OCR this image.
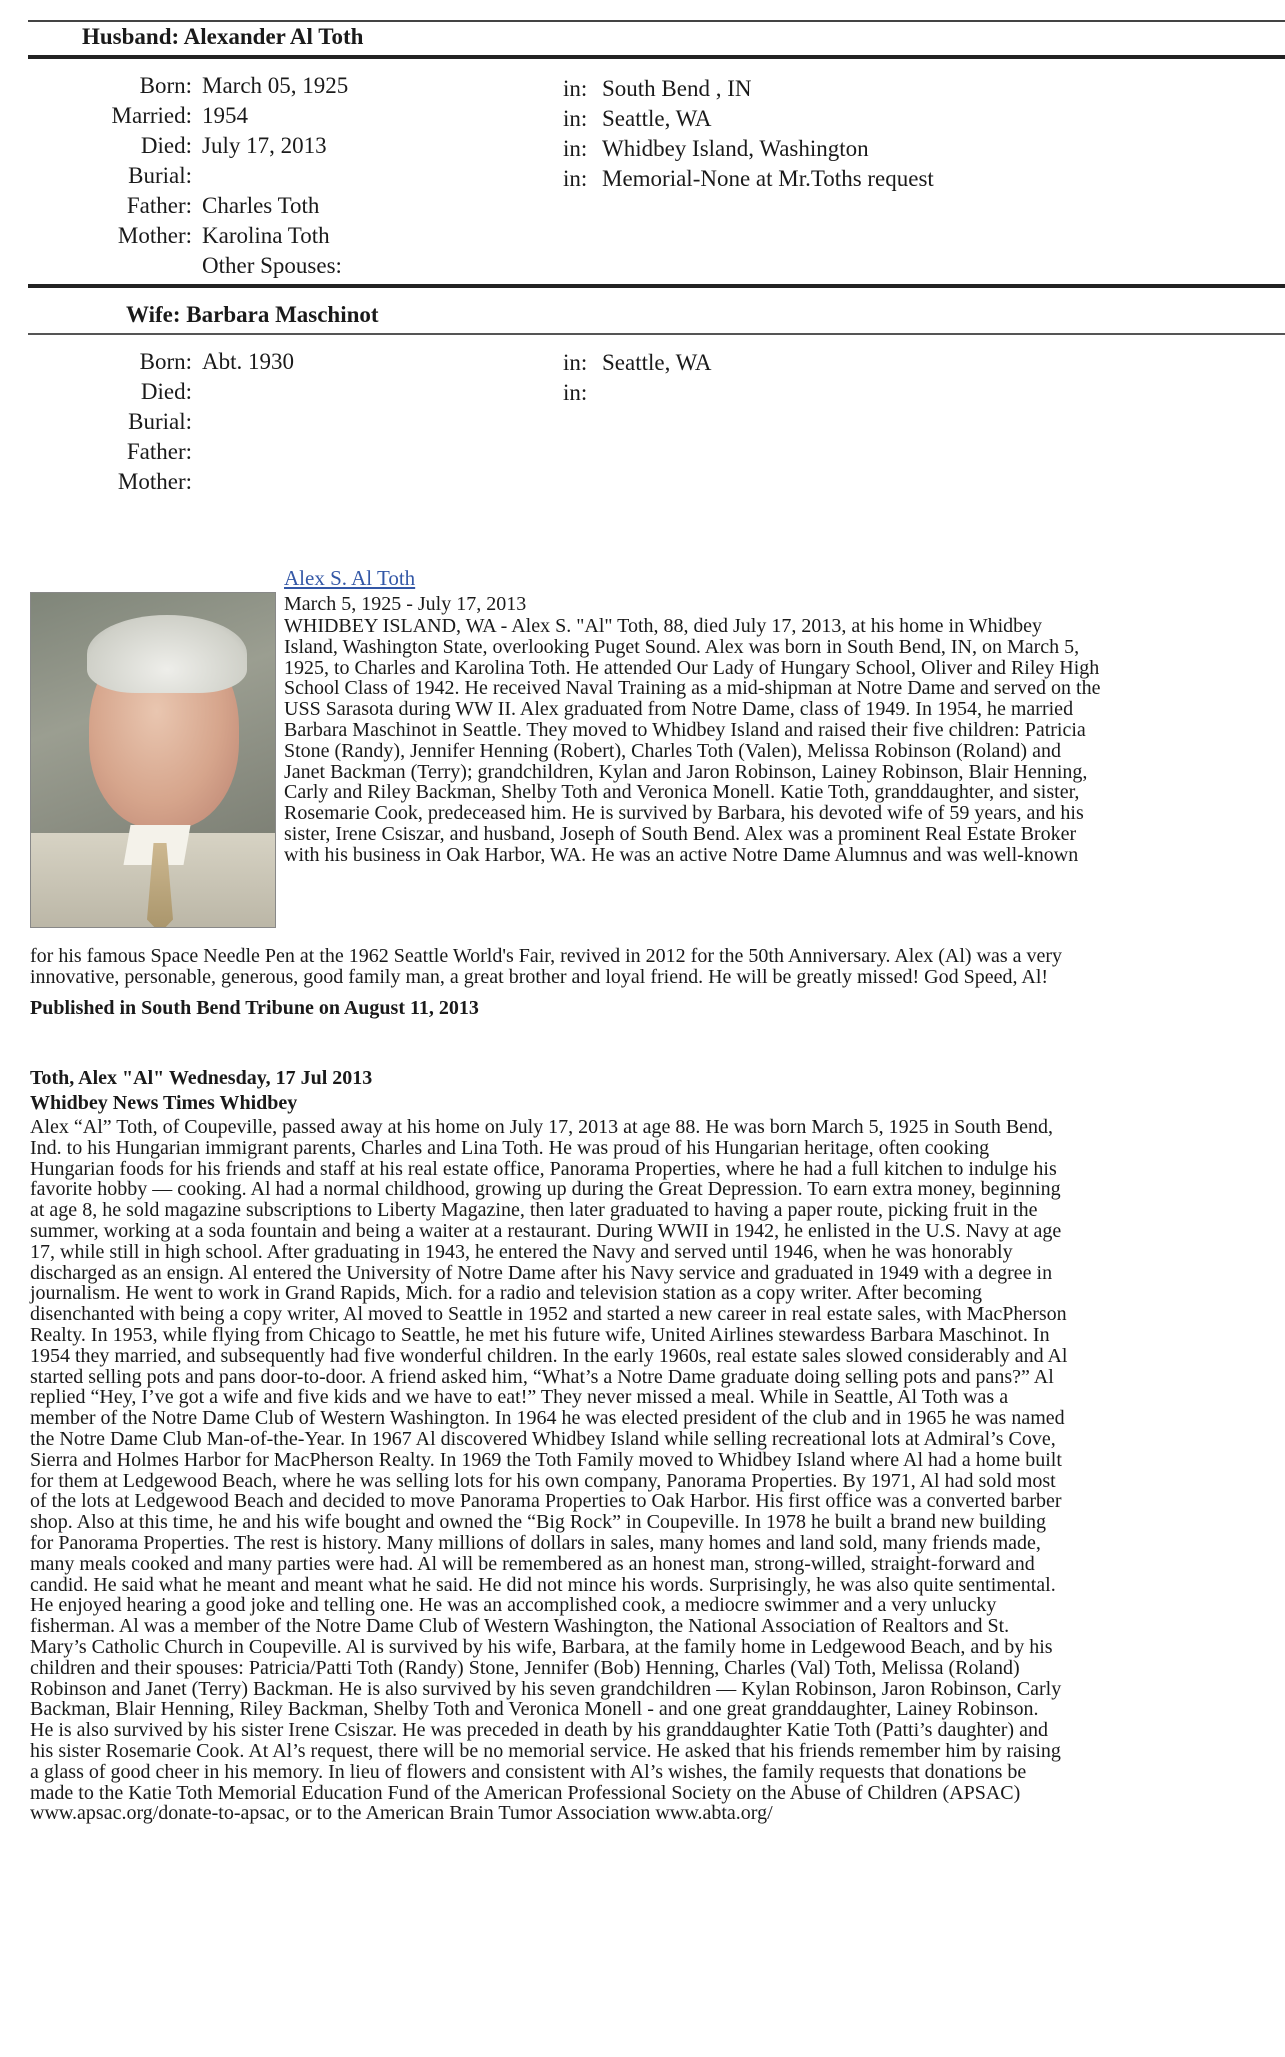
Husband: Alexander Al Toth
Born: March 05, 1925	in: South Bend , IN
Married: 1954	in: Seattle, WA
Died: July 17, 2013	in: Whidbey Island, Washington
Burial:	in: Memorial-None at Mr.Toths request
Father: Charles Toth
Mother: Karolina Toth
Other Spouses:
Wife: Barbara Maschinot
Born: Abt. 1930	in: Seattle, WA
Died:	in:
Burial:
Father:
Mother:
Alex S. Al Toth
March 5, 1925 - July 17, 2013
WHIDBEY ISLAND, WA - Alex S. "Al" Toth, 88, died July 17, 2013, at his home in Whidbey
Island, Washington State, overlooking Puget Sound. Alex was born in South Bend, IN, on March 5,
1925, to Charles and Karolina Toth. He attended Our Lady of Hungary School, Oliver and Riley High
School Class of 1942. He received Naval Training as a mid-shipman at Notre Dame and served on the
USS Sarasota during WW II. Alex graduated from Notre Dame, class of 1949. In 1954, he married
Barbara Maschinot in Seattle. They moved to Whidbey Island and raised their five children: Patricia
Stone (Randy), Jennifer Henning (Robert), Charles Toth (Valen), Melissa Robinson (Roland) and
Janet Backman (Terry); grandchildren, Kylan and Jaron Robinson, Lainey Robinson, Blair Henning,
Carly and Riley Backman, Shelby Toth and Veronica Monell. Katie Toth, granddaughter, and sister,
Rosemarie Cook, predeceased him. He is survived by Barbara, his devoted wife of 59 years, and his
sister, Irene Csiszar, and husband, Joseph of South Bend. Alex was a prominent Real Estate Broker
with his business in Oak Harbor, WA. He was an active Notre Dame Alumnus and was well-known
for his famous Space Needle Pen at the 1962 Seattle World's Fair, revived in 2012 for the 50th Anniversary. Alex (Al) was a very
innovative, personable, generous, good family man, a great brother and loyal friend. He will be greatly missed! God Speed, Al!
Published in South Bend Tribune on August 11, 2013
Toth, Alex "Al" Wednesday, 17 Jul 2013
Whidbey News Times Whidbey
Alex “Al” Toth, of Coupeville, passed away at his home on July 17, 2013 at age 88. He was born March 5, 1925 in South Bend,
Ind. to his Hungarian immigrant parents, Charles and Lina Toth. He was proud of his Hungarian heritage, often cooking
Hungarian foods for his friends and staff at his real estate office, Panorama Properties, where he had a full kitchen to indulge his
favorite hobby — cooking. Al had a normal childhood, growing up during the Great Depression. To earn extra money, beginning
at age 8, he sold magazine subscriptions to Liberty Magazine, then later graduated to having a paper route, picking fruit in the
summer, working at a soda fountain and being a waiter at a restaurant. During WWII in 1942, he enlisted in the U.S. Navy at age
17, while still in high school. After graduating in 1943, he entered the Navy and served until 1946, when he was honorably
discharged as an ensign. Al entered the University of Notre Dame after his Navy service and graduated in 1949 with a degree in
journalism. He went to work in Grand Rapids, Mich. for a radio and television station as a copy writer. After becoming
disenchanted with being a copy writer, Al moved to Seattle in 1952 and started a new career in real estate sales, with MacPherson
Realty. In 1953, while flying from Chicago to Seattle, he met his future wife, United Airlines stewardess Barbara Maschinot. In
1954 they married, and subsequently had five wonderful children. In the early 1960s, real estate sales slowed considerably and Al
started selling pots and pans door-to-door. A friend asked him, “What’s a Notre Dame graduate doing selling pots and pans?” Al
replied “Hey, I’ve got a wife and five kids and we have to eat!” They never missed a meal. While in Seattle, Al Toth was a
member of the Notre Dame Club of Western Washington. In 1964 he was elected president of the club and in 1965 he was named
the Notre Dame Club Man-of-the-Year. In 1967 Al discovered Whidbey Island while selling recreational lots at Admiral’s Cove,
Sierra and Holmes Harbor for MacPherson Realty. In 1969 the Toth Family moved to Whidbey Island where Al had a home built
for them at Ledgewood Beach, where he was selling lots for his own company, Panorama Properties. By 1971, Al had sold most
of the lots at Ledgewood Beach and decided to move Panorama Properties to Oak Harbor. His first office was a converted barber
shop. Also at this time, he and his wife bought and owned the “Big Rock” in Coupeville. In 1978 he built a brand new building
for Panorama Properties. The rest is history. Many millions of dollars in sales, many homes and land sold, many friends made,
many meals cooked and many parties were had. Al will be remembered as an honest man, strong-willed, straight-forward and
candid. He said what he meant and meant what he said. He did not mince his words. Surprisingly, he was also quite sentimental.
He enjoyed hearing a good joke and telling one. He was an accomplished cook, a mediocre swimmer and a very unlucky
fisherman. Al was a member of the Notre Dame Club of Western Washington, the National Association of Realtors and St.
Mary’s Catholic Church in Coupeville. Al is survived by his wife, Barbara, at the family home in Ledgewood Beach, and by his
children and their spouses: Patricia/Patti Toth (Randy) Stone, Jennifer (Bob) Henning, Charles (Val) Toth, Melissa (Roland)
Robinson and Janet (Terry) Backman. He is also survived by his seven grandchildren — Kylan Robinson, Jaron Robinson, Carly
Backman, Blair Henning, Riley Backman, Shelby Toth and Veronica Monell - and one great granddaughter, Lainey Robinson.
He is also survived by his sister Irene Csiszar. He was preceded in death by his granddaughter Katie Toth (Patti’s daughter) and
his sister Rosemarie Cook. At Al’s request, there will be no memorial service. He asked that his friends remember him by raising
a glass of good cheer in his memory. In lieu of flowers and consistent with Al’s wishes, the family requests that donations be
made to the Katie Toth Memorial Education Fund of the American Professional Society on the Abuse of Children (APSAC)
www.apsac.org/donate-to-apsac, or to the American Brain Tumor Association www.abta.org/
